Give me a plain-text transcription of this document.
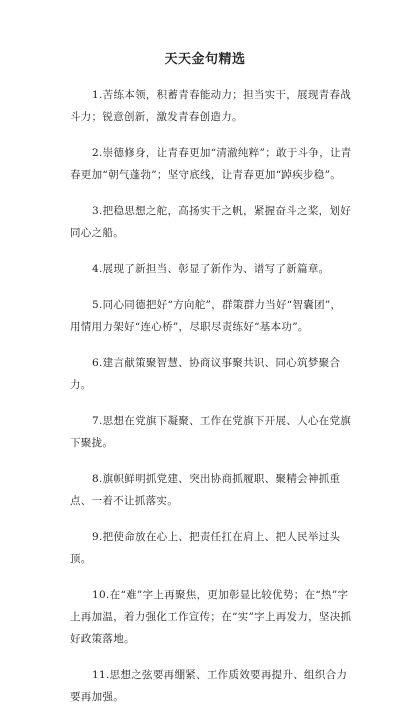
天天金句精选

1.苦练本领，积蓄青春能动力；担当实干，展现青春战斗力；锐意创新，激发青春创造力。

2.崇德修身，让青春更加“清澈纯粹”；敢于斗争，让青春更加“朝气蓬勃”；坚守底线，让青春更加“踔疾步稳”。

3.把稳思想之舵，高扬实干之帆，紧握奋斗之桨，划好同心之船。

4.展现了新担当、彰显了新作为、谱写了新篇章。

5.同心同德把好“方向舵”，群策群力当好“智囊团”，用情用力架好“连心桥”，尽职尽责练好“基本功”。

6.建言献策聚智慧、协商议事聚共识、同心筑梦聚合力。

7.思想在党旗下凝聚、工作在党旗下开展、人心在党旗下聚拢。

8.旗帜鲜明抓党建、突出协商抓履职、聚精会神抓重点、一着不让抓落实。

9.把使命放在心上、把责任扛在肩上、把人民举过头顶。

10.在“难”字上再聚焦，更加彰显比较优势；在“热”字上再加温，着力强化工作宣传；在“实”字上再发力，坚决抓好政策落地。

11.思想之弦要再绷紧、工作质效要再提升、组织合力要再加强。
